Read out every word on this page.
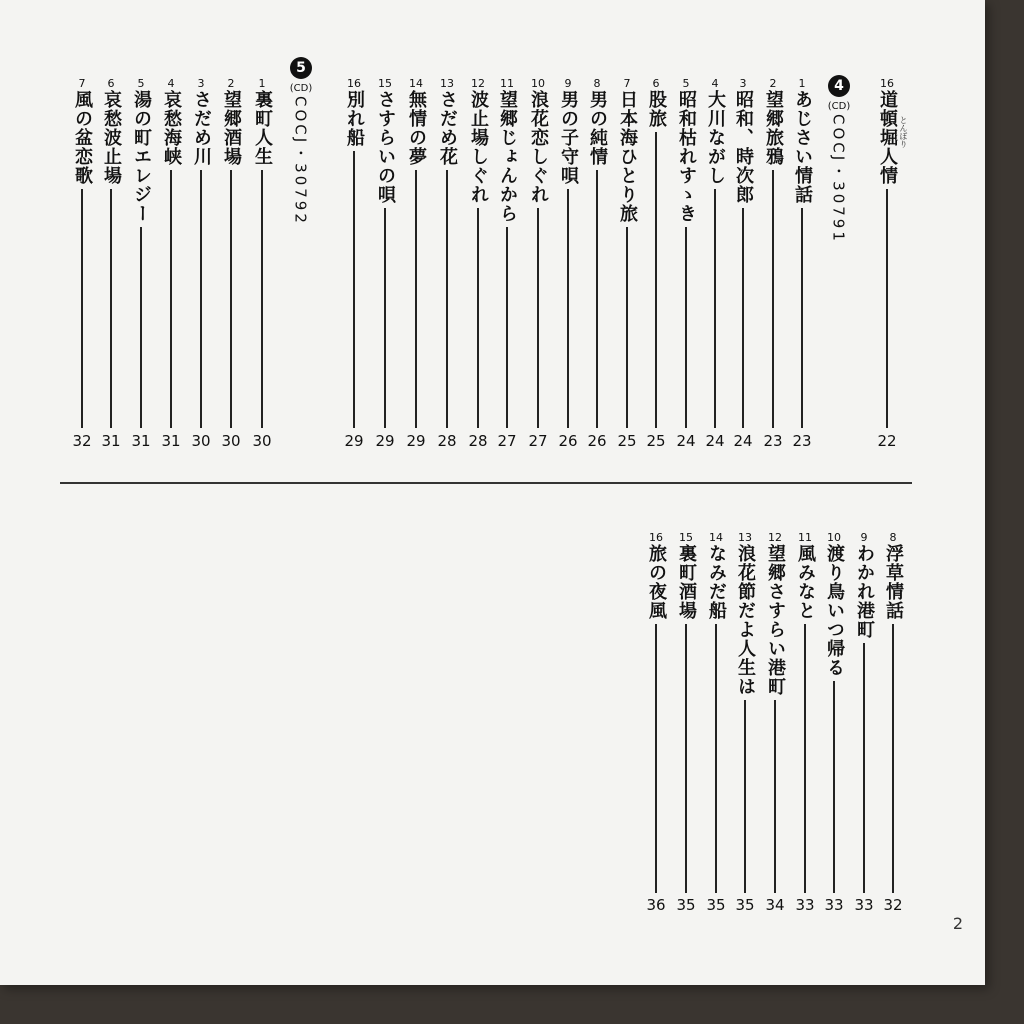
4
(CD)
COCJ・30791
5
(CD)
COCJ・30792	とんぼり
2
16
道頓堀人情
22
1
あじさい情話
23
2
望郷旅鴉
23
3
昭和、時次郎
24
4
大川ながし
24
5
昭和枯れすゝき
24
6
股旅
25
7
日本海ひとり旅
25
8
男の純情
26
9
男の子守唄
26
10
浪花恋しぐれ
27
11
望郷じょんから
27
12
波止場しぐれ
28
13
さだめ花
28
14
無情の夢
29
15
さすらいの唄
29
16
別れ船
29
1
裏町人生
30
2
望郷酒場
30
3
さだめ川
30
4
哀愁海峡
31
5
湯の町エレジー
31
6
哀愁波止場
31
7
風の盆恋歌
32
8
浮草情話
32
9
わかれ港町
33
10
渡り鳥いつ帰る
33
11
風みなと
33
12
望郷さすらい港町
34
13
浪花節だよ人生は
35
14
なみだ船
35
15
裏町酒場
35
16
旅の夜風
36
